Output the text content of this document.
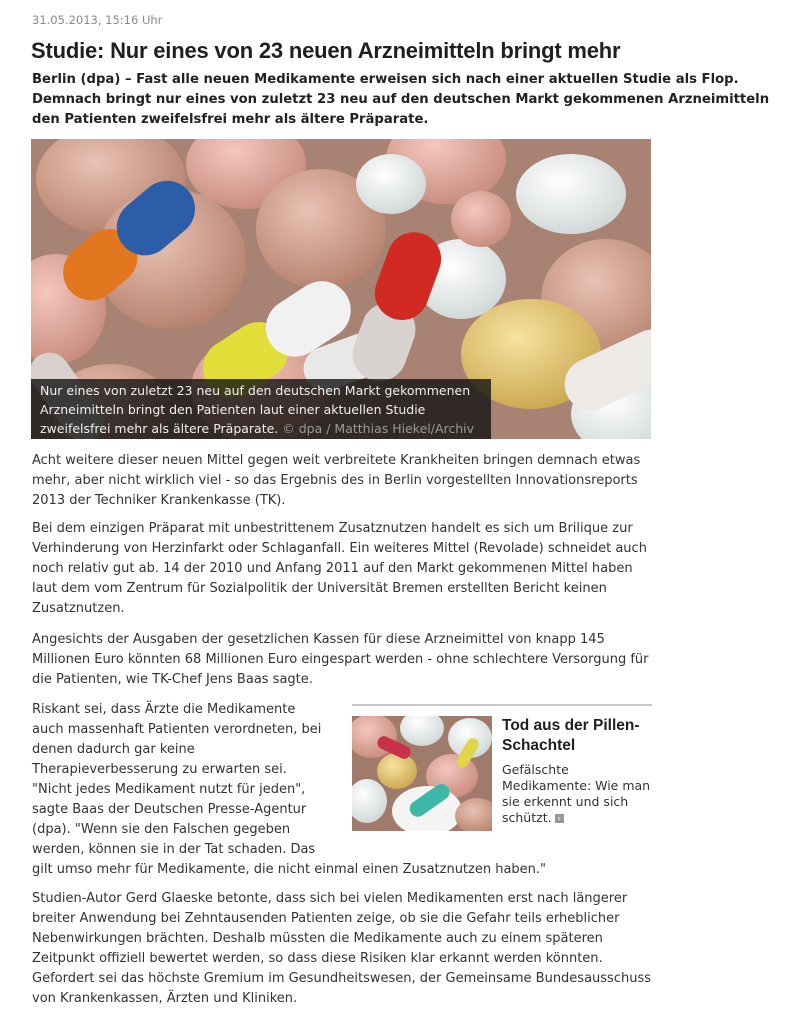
31.05.2013, 15:16 Uhr
Studie: Nur eines von 23 neuen Arzneimitteln bringt mehr

Berlin (dpa) – Fast alle neuen Medikamente erweisen sich nach einer aktuellen Studie als Flop. Demnach bringt nur eines von zuletzt 23 neu auf den deutschen Markt gekommenen Arzneimitteln den Patienten zweifelsfrei mehr als ältere Präparate.

Nur eines von zuletzt 23 neu auf den deutschen Markt gekommenen Arzneimitteln bringt den Patienten laut einer aktuellen Studie zweifelsfrei mehr als ältere Präparate. © dpa / Matthias Hiekel/Archiv

Acht weitere dieser neuen Mittel gegen weit verbreitete Krankheiten bringen demnach etwas mehr, aber nicht wirklich viel - so das Ergebnis des in Berlin vorgestellten Innovationsreports 2013 der Techniker Krankenkasse (TK).

Bei dem einzigen Präparat mit unbestrittenem Zusatznutzen handelt es sich um Brilique zur Verhinderung von Herzinfarkt oder Schlaganfall. Ein weiteres Mittel (Revolade) schneidet auch noch relativ gut ab. 14 der 2010 und Anfang 2011 auf den Markt gekommenen Mittel haben laut dem vom Zentrum für Sozialpolitik der Universität Bremen erstellten Bericht keinen Zusatznutzen.

Angesichts der Ausgaben der gesetzlichen Kassen für diese Arzneimittel von knapp 145 Millionen Euro könnten 68 Millionen Euro eingespart werden - ohne schlechtere Versorgung für die Patienten, wie TK-Chef Jens Baas sagte.

Tod aus der Pillen-Schachtel
Gefälschte Medikamente: Wie man sie erkennt und sich schützt. ›
Riskant sei, dass Ärzte die Medikamente auch massenhaft Patienten verordneten, bei denen dadurch gar keine Therapieverbesserung zu erwarten sei. "Nicht jedes Medikament nutzt für jeden", sagte Baas der Deutschen Presse-Agentur (dpa). "Wenn sie den Falschen gegeben werden, können sie in der Tat schaden. Das gilt umso mehr für Medikamente, die nicht einmal einen Zusatznutzen haben."

Studien-Autor Gerd Glaeske betonte, dass sich bei vielen Medikamenten erst nach längerer breiter Anwendung bei Zehntausenden Patienten zeige, ob sie die Gefahr teils erheblicher Nebenwirkungen brächten. Deshalb müssten die Medikamente auch zu einem späteren Zeitpunkt offiziell bewertet werden, so dass diese Risiken klar erkannt werden könnten. Gefordert sei das höchste Gremium im Gesundheitswesen, der Gemeinsame Bundesausschuss von Krankenkassen, Ärzten und Kliniken.
